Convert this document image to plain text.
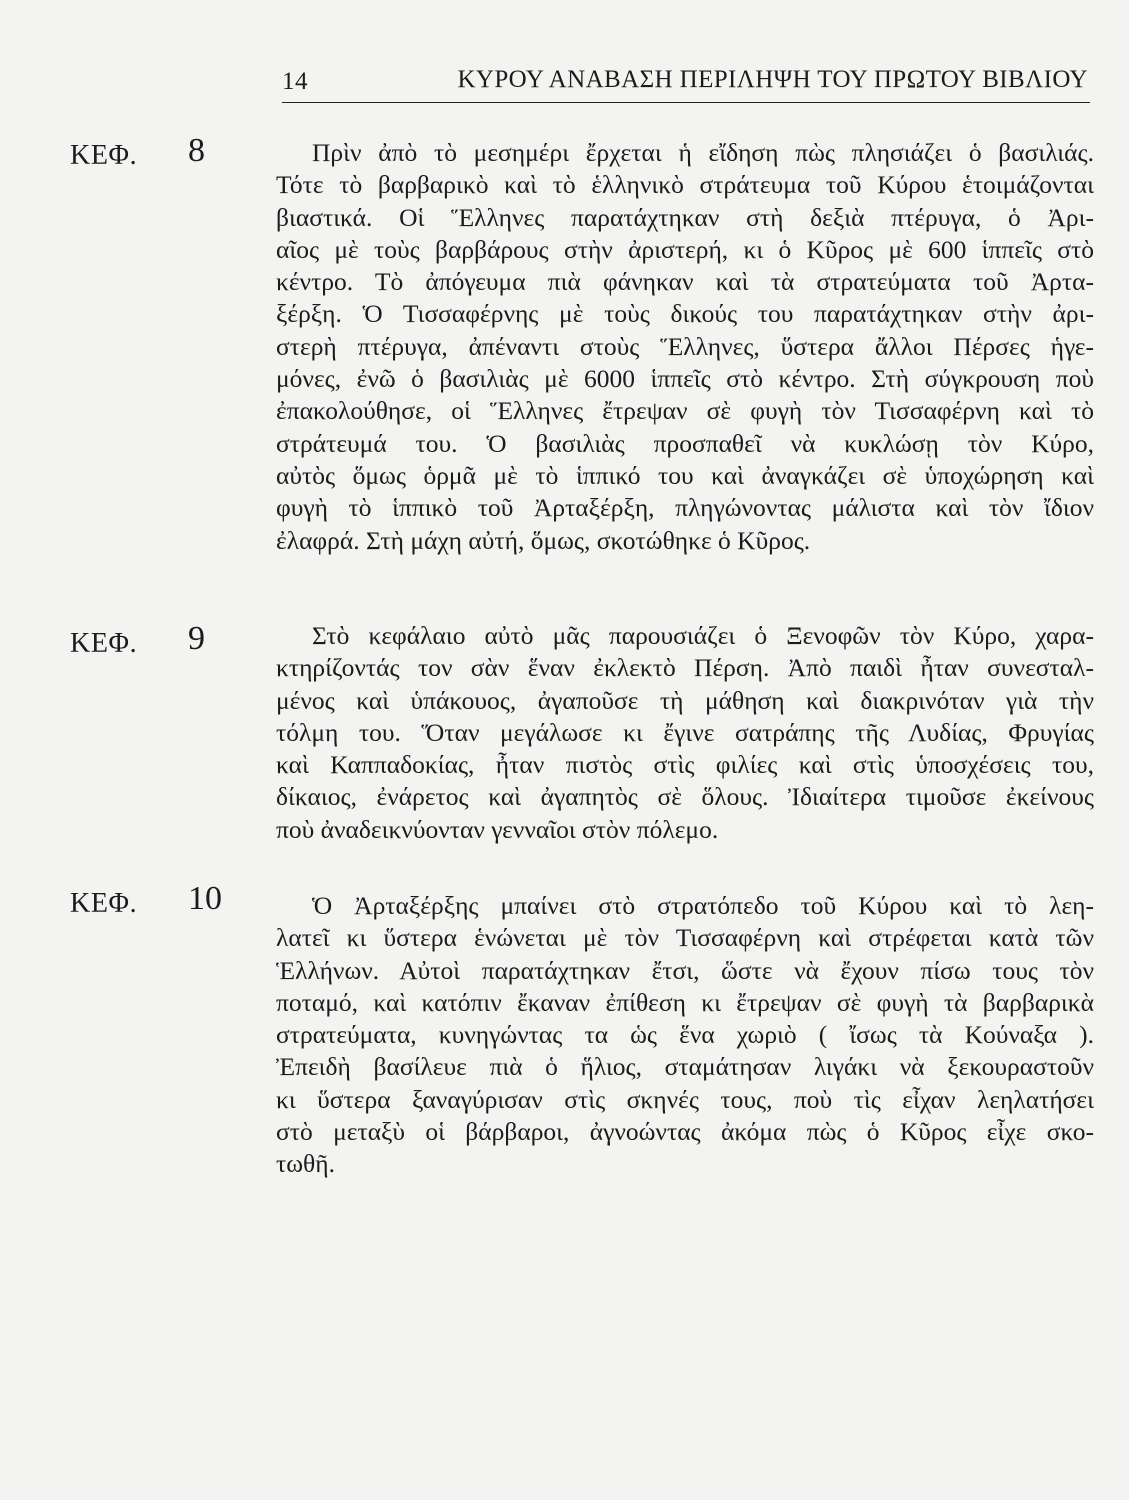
14	ΚΥΡΟΥ ΑΝΑΒΑΣΗ ΠΕΡΙΛΗΨΗ ΤΟΥ ΠΡΩΤΟΥ ΒΙΒΛΙΟΥ
ΚΕΦ. 8	Πρὶν ἀπὸ τὸ μεσημέρι ἔρχεται ἡ εἴδηση πὼς πλησιάζει ὁ βασιλιάς.
Τότε τὸ βαρβαρικὸ καὶ τὸ ἑλληνικὸ στράτευμα τοῦ Κύρου ἑτοιμάζονται
βιαστικά. Οἱ Ἕλληνες παρατάχτηκαν στὴ δεξιὰ πτέρυγα, ὁ Ἀρι-
αῖος μὲ τοὺς βαρβάρους στὴν ἀριστερή, κι ὁ Κῦρος μὲ 600 ἱππεῖς στὸ
κέντρο. Τὸ ἀπόγευμα πιὰ φάνηκαν καὶ τὰ στρατεύματα τοῦ Ἀρτα-
ξέρξη. Ὁ Τισσαφέρνης μὲ τοὺς δικούς του παρατάχτηκαν στὴν ἀρι-
στερὴ πτέρυγα, ἀπέναντι στοὺς Ἕλληνες, ὕστερα ἄλλοι Πέρσες ἡγε-
μόνες, ἐνῶ ὁ βασιλιὰς μὲ 6000 ἱππεῖς στὸ κέντρο. Στὴ σύγκρουση ποὺ
ἐπακολούθησε, οἱ Ἕλληνες ἔτρεψαν σὲ φυγὴ τὸν Τισσαφέρνη καὶ τὸ
στράτευμά του. Ὁ βασιλιὰς προσπαθεῖ νὰ κυκλώσῃ τὸν Κύρο,
αὐτὸς ὅμως ὁρμᾶ μὲ τὸ ἱππικό του καὶ ἀναγκάζει σὲ ὑποχώρηση καὶ
φυγὴ τὸ ἱππικὸ τοῦ Ἀρταξέρξη, πληγώνοντας μάλιστα καὶ τὸν ἴδιον
ἐλαφρά. Στὴ μάχη αὐτή, ὅμως, σκοτώθηκε ὁ Κῦρος.
ΚΕΦ. 9	Στὸ κεφάλαιο αὐτὸ μᾶς παρουσιάζει ὁ Ξενοφῶν τὸν Κύρο, χαρα-
κτηρίζοντάς τον σὰν ἕναν ἐκλεκτὸ Πέρση. Ἀπὸ παιδὶ ἦταν συνεσταλ-
μένος καὶ ὑπάκουος, ἀγαποῦσε τὴ μάθηση καὶ διακρινόταν γιὰ τὴν
τόλμη του. Ὅταν μεγάλωσε κι ἔγινε σατράπης τῆς Λυδίας, Φρυγίας
καὶ Καππαδοκίας, ἦταν πιστὸς στὶς φιλίες καὶ στὶς ὑποσχέσεις του,
δίκαιος, ἐνάρετος καὶ ἀγαπητὸς σὲ ὅλους. Ἰδιαίτερα τιμοῦσε ἐκείνους
ποὺ ἀναδεικνύονταν γενναῖοι στὸν πόλεμο.
ΚΕΦ. 10	Ὁ Ἀρταξέρξης μπαίνει στὸ στρατόπεδο τοῦ Κύρου καὶ τὸ λεη-
λατεῖ κι ὕστερα ἑνώνεται μὲ τὸν Τισσαφέρνη καὶ στρέφεται κατὰ τῶν
Ἑλλήνων. Αὐτοὶ παρατάχτηκαν ἔτσι, ὥστε νὰ ἔχουν πίσω τους τὸν
ποταμό, καὶ κατόπιν ἔκαναν ἐπίθεση κι ἔτρεψαν σὲ φυγὴ τὰ βαρβαρικὰ
στρατεύματα, κυνηγώντας τα ὡς ἕνα χωριὸ ( ἴσως τὰ Κούναξα ).
Ἐπειδὴ βασίλευε πιὰ ὁ ἥλιος, σταμάτησαν λιγάκι νὰ ξεκουραστοῦν
κι ὕστερα ξαναγύρισαν στὶς σκηνές τους, ποὺ τὶς εἶχαν λεηλατήσει
στὸ μεταξὺ οἱ βάρβαροι, ἀγνοώντας ἀκόμα πὼς ὁ Κῦρος εἶχε σκο-
τωθῆ.
